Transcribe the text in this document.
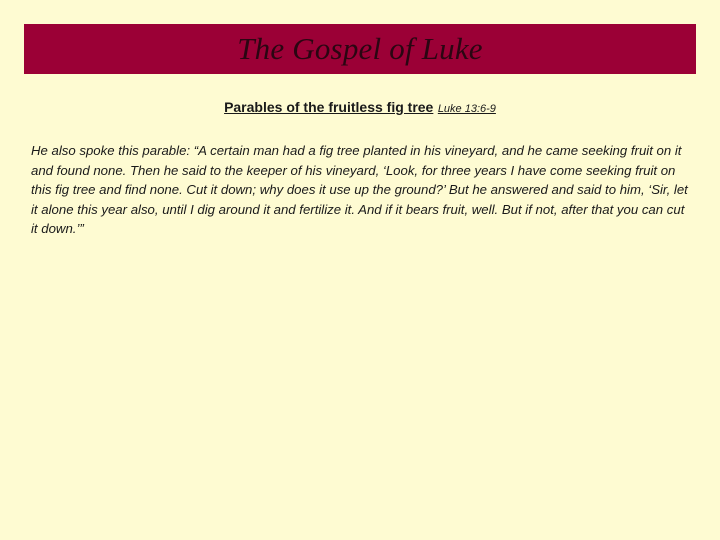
The Gospel of Luke
Parables of the fruitless fig tree Luke 13:6-9

He also spoke this parable: “A certain man had a fig tree planted in his vineyard, and he came seeking fruit on it and found none. Then he said to the keeper of his vineyard, ‘Look, for three years I have come seeking fruit on this fig tree and find none. Cut it down; why does it use up the ground?’ But he answered and said to him, ‘Sir, let it alone this year also, until I dig around it and fertilize it. And if it bears fruit, well. But if not, after that you can cut it down.’”
